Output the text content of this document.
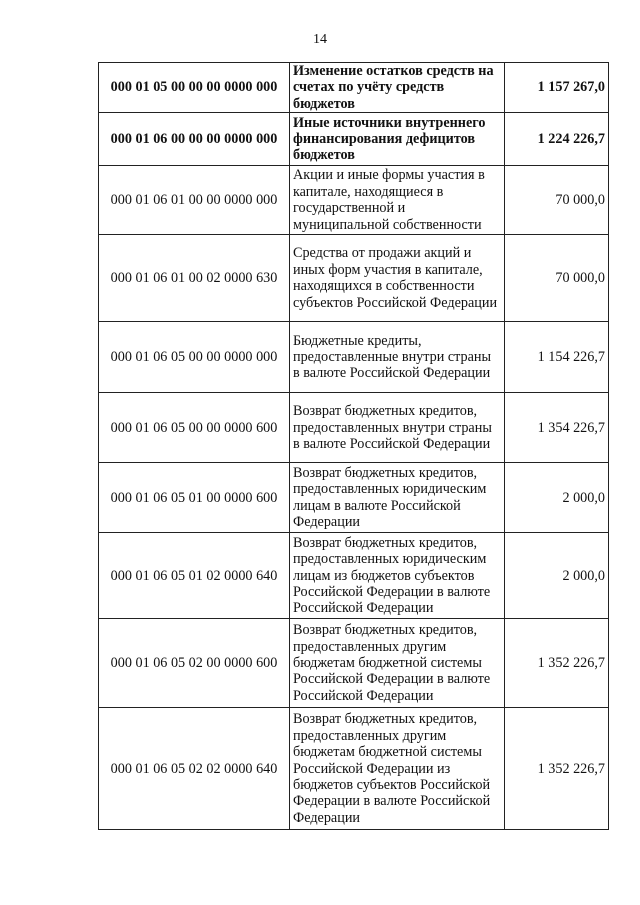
14
000 01 05 00 00 00 0000 000	Изменение остатков средств на счетах по учёту средств бюджетов	1 157 267,0
000 01 06 00 00 00 0000 000	Иные источники внутреннего финансирования дефицитов бюджетов	1 224 226,7
000 01 06 01 00 00 0000 000	Акции и иные формы участия в капитале, находящиеся в государственной и муниципальной собственности	70 000,0
000 01 06 01 00 02 0000 630	Средства от продажи акций и иных форм участия в капитале, находящихся в собственности субъектов Российской Федерации	70 000,0
000 01 06 05 00 00 0000 000	Бюджетные кредиты, предоставленные внутри страны в валюте Российской Федерации	1 154 226,7
000 01 06 05 00 00 0000 600	Возврат бюджетных кредитов, предоставленных внутри страны в валюте Российской Федерации	1 354 226,7
000 01 06 05 01 00 0000 600	Возврат бюджетных кредитов, предоставленных юридическим лицам в валюте Российской Федерации	2 000,0
000 01 06 05 01 02 0000 640	Возврат бюджетных кредитов, предоставленных юридическим лицам из бюджетов субъектов Российской Федерации в валюте Российской Федерации	2 000,0
000 01 06 05 02 00 0000 600	Возврат бюджетных кредитов, предоставленных другим бюджетам бюджетной системы Российской Федерации в валюте Российской Федерации	1 352 226,7
000 01 06 05 02 02 0000 640	Возврат бюджетных кредитов, предоставленных другим бюджетам бюджетной системы Российской Федерации из бюджетов субъектов Российской Федерации в валюте Российской Федерации	1 352 226,7
